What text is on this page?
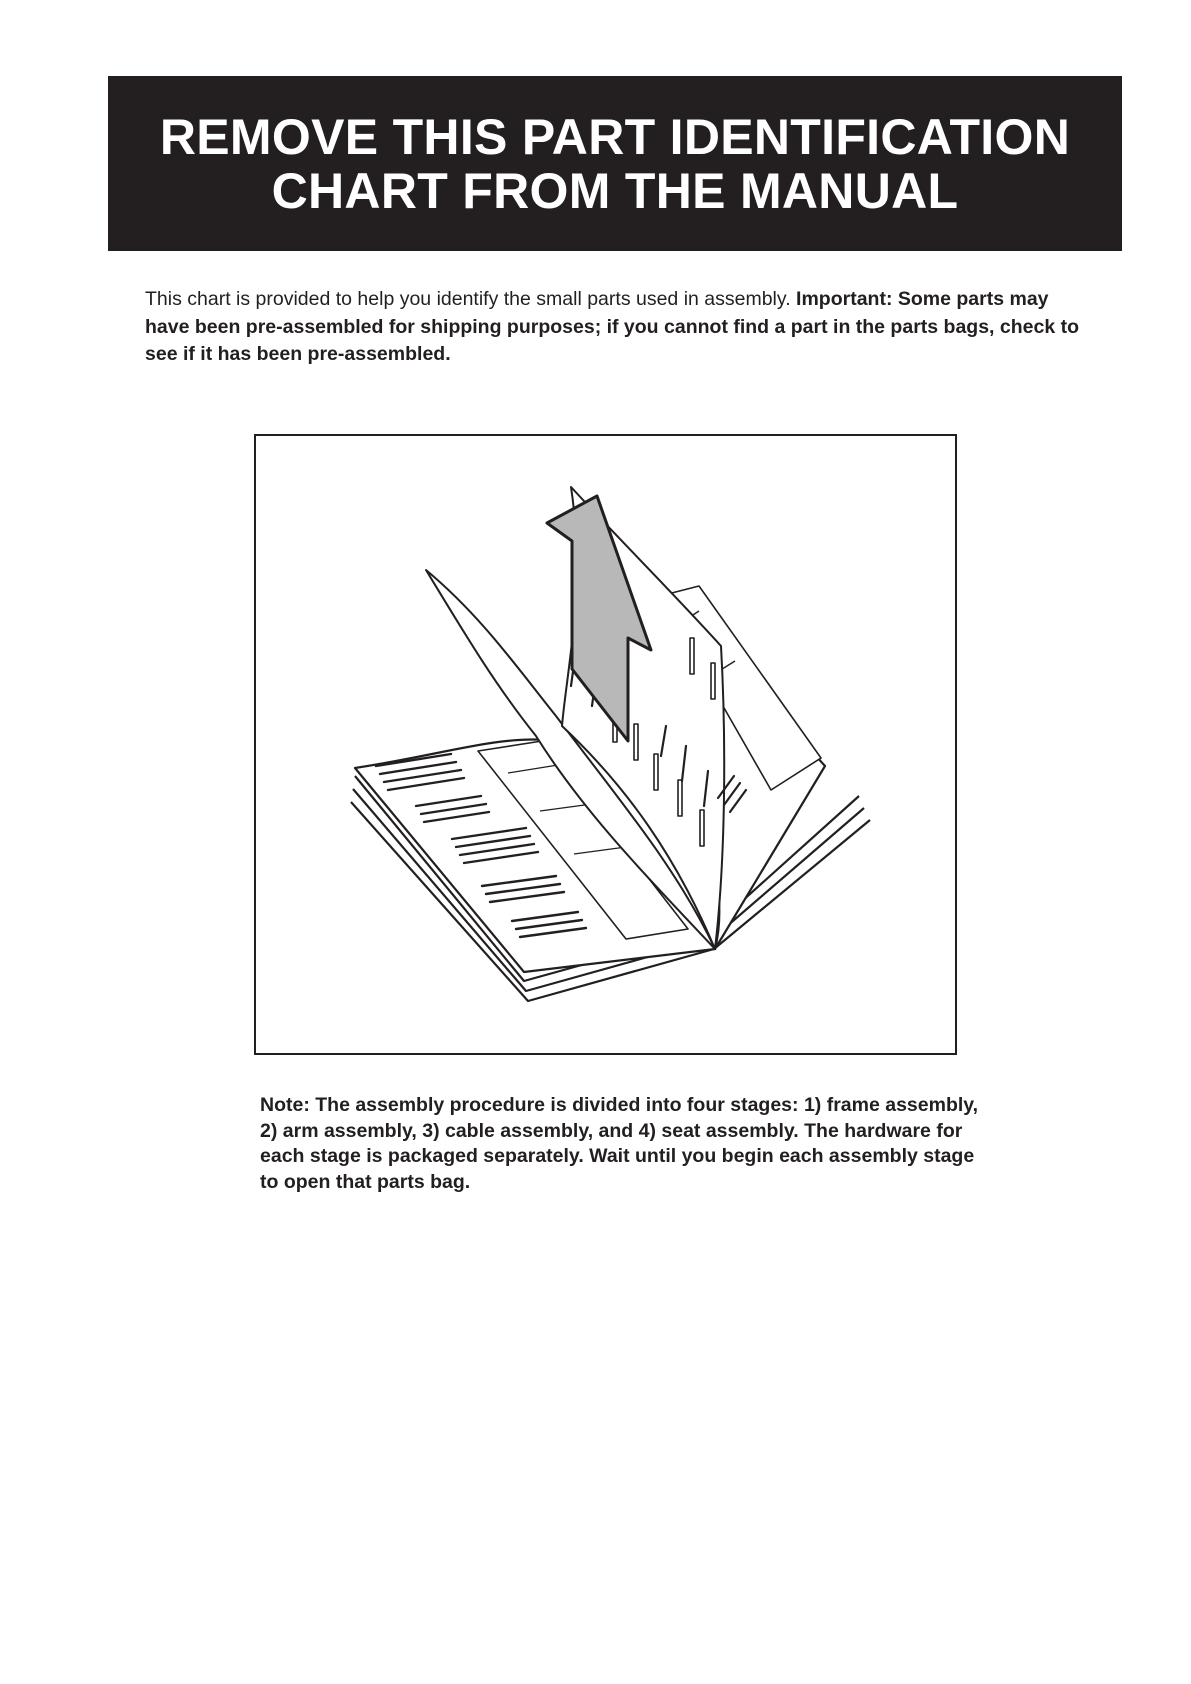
REMOVE THIS PART IDENTIFICATION
CHART FROM THE MANUAL

This chart is provided to help you identify the small parts used in assembly. Important: Some parts may have been pre-assembled for shipping purposes; if you cannot find a part in the parts bags, check to see if it has been pre-assembled.

Note: The assembly procedure is divided into four stages: 1) frame assembly, 2) arm assembly, 3) cable assembly, and 4) seat assembly. The hardware for each stage is packaged separately. Wait until you begin each assembly stage to open that parts bag.
